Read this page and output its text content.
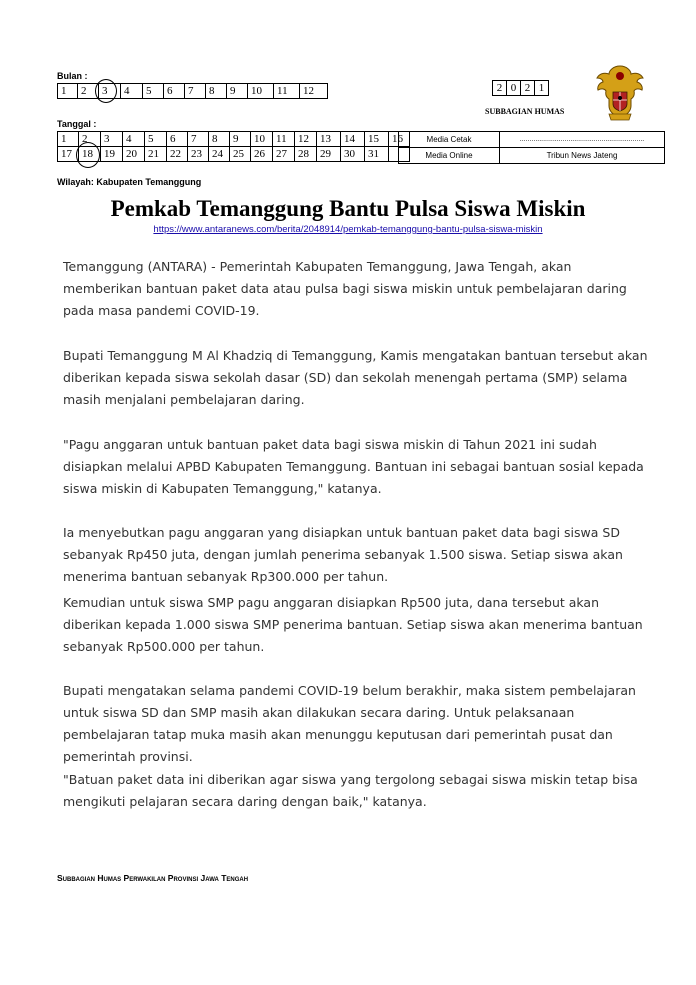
Bulan :
1	2	3	4	5	6	7	8	9	10	11	12
Tanggal :
1	2	3	4	5	6	7	8	9	10	11	12	13	14	15	16
17	18	19	20	21	22	23	24	25	26	27	28	29	30	31	
2	0	2	1
SUBBAGIAN HUMAS
Media Cetak	................................................................
Media Online	Tribun News Jateng
Wilayah: Kabupaten Temanggung
Pemkab Temanggung Bantu Pulsa Siswa Miskin
https://www.antaranews.com/berita/2048914/pemkab-temanggung-bantu-pulsa-siswa-miskin
Temanggung (ANTARA) - Pemerintah Kabupaten Temanggung, Jawa Tengah, akan memberikan bantuan paket data atau pulsa bagi siswa miskin untuk pembelajaran daring pada masa pandemi COVID-19.
Bupati Temanggung M Al Khadziq di Temanggung, Kamis mengatakan bantuan tersebut akan diberikan kepada siswa sekolah dasar (SD) dan sekolah menengah pertama (SMP) selama masih menjalani pembelajaran daring.
"Pagu anggaran untuk bantuan paket data bagi siswa miskin di Tahun 2021 ini sudah disiapkan melalui APBD Kabupaten Temanggung. Bantuan ini sebagai bantuan sosial kepada siswa miskin di Kabupaten Temanggung," katanya.
Ia menyebutkan pagu anggaran yang disiapkan untuk bantuan paket data bagi siswa SD sebanyak Rp450 juta, dengan jumlah penerima sebanyak 1.500 siswa. Setiap siswa akan menerima bantuan sebanyak Rp300.000 per tahun.
Kemudian untuk siswa SMP pagu anggaran disiapkan Rp500 juta, dana tersebut akan diberikan kepada 1.000 siswa SMP penerima bantuan. Setiap siswa akan menerima bantuan sebanyak Rp500.000 per tahun.
Bupati mengatakan selama pandemi COVID-19 belum berakhir, maka sistem pembelajaran untuk siswa SD dan SMP masih akan dilakukan secara daring. Untuk pelaksanaan pembelajaran tatap muka masih akan menunggu keputusan dari pemerintah pusat dan pemerintah provinsi.
"Batuan paket data ini diberikan agar siswa yang tergolong sebagai siswa miskin tetap bisa mengikuti pelajaran secara daring dengan baik," katanya.
Subbagian Humas Perwakilan Provinsi Jawa Tengah
